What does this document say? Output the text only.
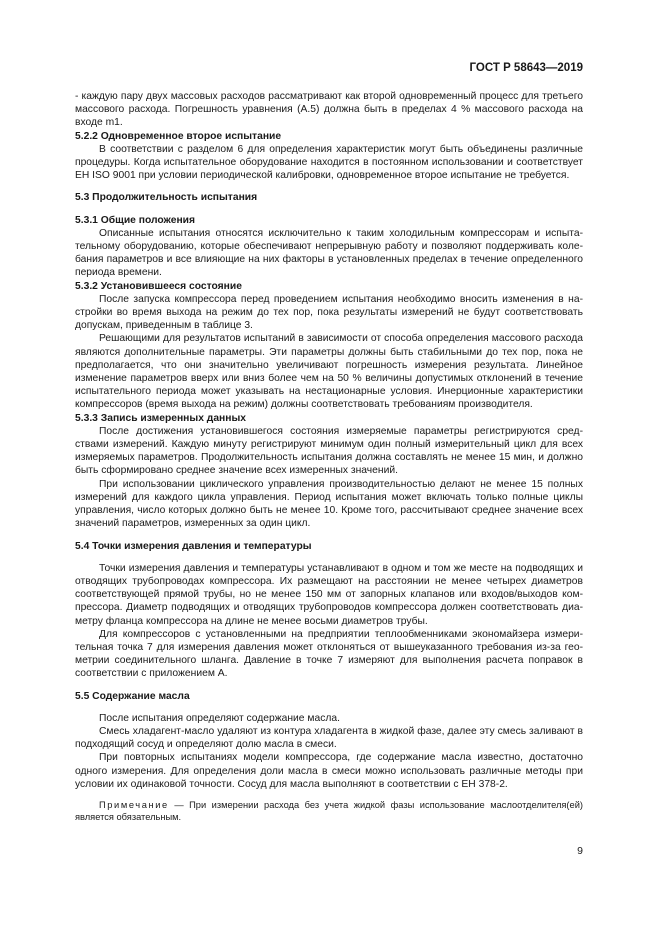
ГОСТ Р 58643—2019

- каждую пару двух массовых расходов рассматривают как второй одновременный процесс для третьего массового расхода. Погрешность уравнения (А.5) должна быть в пределах 4 % массового расхода на входе m1.

5.2.2 Одновременное второе испытание

В соответствии с разделом 6 для определения характеристик могут быть объединены различные процедуры. Когда испытательное оборудование находится в постоянном использовании и соответствует ЕН ISO 9001 при условии периодической калибровки, одновременное второе испытание не требуется.

5.3 Продолжительность испытания

5.3.1 Общие положения

Описанные испытания относятся исключительно к таким холодильным компрессорам и испытательному оборудованию, которые обеспечивают непрерывную работу и позволяют поддерживать колебания параметров и все влияющие на них факторы в установленных пределах в течение определенного периода времени.

5.3.2 Установившееся состояние

После запуска компрессора перед проведением испытания необходимо вносить изменения в настройки во время выхода на режим до тех пор, пока результаты измерений не будут соответствовать допускам, приведенным в таблице 3.

Решающими для результатов испытаний в зависимости от способа определения массового расхода являются дополнительные параметры. Эти параметры должны быть стабильными до тех пор, пока не предполагается, что они значительно увеличивают погрешность измерения результата. Линейное изменение параметров вверх или вниз более чем на 50 % величины допустимых отклонений в течение испытательного периода может указывать на нестационарные условия. Инерционные характеристики компрессоров (время выхода на режим) должны соответствовать требованиям производителя.

5.3.3 Запись измеренных данных

После достижения установившегося состояния измеряемые параметры регистрируются средствами измерений. Каждую минуту регистрируют минимум один полный измерительный цикл для всех измеряемых параметров. Продолжительность испытания должна составлять не менее 15 мин, и должно быть сформировано среднее значение всех измеренных значений.

При использовании циклического управления производительностью делают не менее 15 полных измерений для каждого цикла управления. Период испытания может включать только полные циклы управления, число которых должно быть не менее 10. Кроме того, рассчитывают среднее значение всех значений параметров, измеренных за один цикл.

5.4 Точки измерения давления и температуры

Точки измерения давления и температуры устанавливают в одном и том же месте на подводящих и отводящих трубопроводах компрессора. Их размещают на расстоянии не менее четырех диаметров соответствующей прямой трубы, но не менее 150 мм от запорных клапанов или входов/выходов компрессора. Диаметр подводящих и отводящих трубопроводов компрессора должен соответствовать диаметру фланца компрессора на длине не менее восьми диаметров трубы.

Для компрессоров с установленными на предприятии теплообменниками экономайзера измерительная точка 7 для измерения давления может отклоняться от вышеуказанного требования из-за геометрии соединительного шланга. Давление в точке 7 измеряют для выполнения расчета поправок в соответствии с приложением А.

5.5 Содержание масла

После испытания определяют содержание масла.

Смесь хладагент-масло удаляют из контура хладагента в жидкой фазе, далее эту смесь заливают в подходящий сосуд и определяют долю масла в смеси.

При повторных испытаниях модели компрессора, где содержание масла известно, достаточно одного измерения. Для определения доли масла в смеси можно использовать различные методы при условии их одинаковой точности. Сосуд для масла выполняют в соответствии с ЕН 378-2.

Примечание — При измерении расхода без учета жидкой фазы использование маслоотделителя(ей) является обязательным.

9
